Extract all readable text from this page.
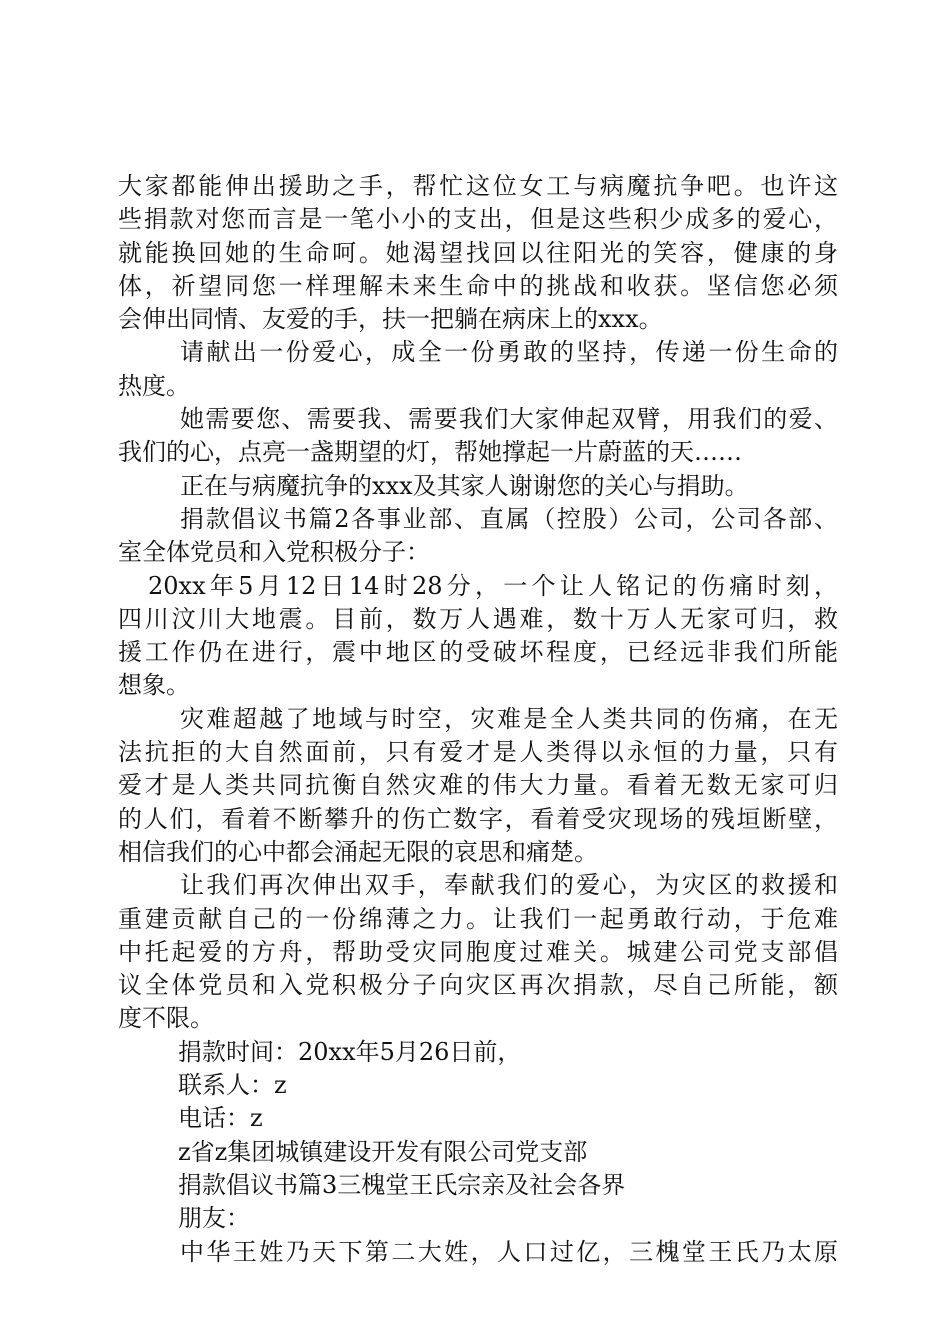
大家都能伸出援助之手，帮忙这位女工与病魔抗争吧。也许这
些捐款对您而言是一笔小小的支出，但是这些积少成多的爱心，
就能换回她的生命呵。她渴望找回以往阳光的笑容，健康的身
体，祈望同您一样理解未来生命中的挑战和收获。坚信您必须
会伸出同情、友爱的手，扶一把躺在病床上的xxx。
请献出一份爱心，成全一份勇敢的坚持，传递一份生命的
热度。
她需要您、需要我、需要我们大家伸起双臂，用我们的爱、
我们的心，点亮一盏期望的灯，帮她撑起一片蔚蓝的天……
正在与病魔抗争的xxx及其家人谢谢您的关心与捐助。
捐款倡议书篇2各事业部、直属（控股）公司，公司各部、
室全体党员和入党积极分子：
20xx年5月12日14时28分，一个让人铭记的伤痛时刻，
四川汶川大地震。目前，数万人遇难，数十万人无家可归，救
援工作仍在进行，震中地区的受破坏程度，已经远非我们所能
想象。
灾难超越了地域与时空，灾难是全人类共同的伤痛，在无
法抗拒的大自然面前，只有爱才是人类得以永恒的力量，只有
爱才是人类共同抗衡自然灾难的伟大力量。看着无数无家可归
的人们，看着不断攀升的伤亡数字，看着受灾现场的残垣断壁，
相信我们的心中都会涌起无限的哀思和痛楚。
让我们再次伸出双手，奉献我们的爱心，为灾区的救援和
重建贡献自己的一份绵薄之力。让我们一起勇敢行动，于危难
中托起爱的方舟，帮助受灾同胞度过难关。城建公司党支部倡
议全体党员和入党积极分子向灾区再次捐款，尽自己所能，额
度不限。
捐款时间：20xx年5月26日前，
联系人：z
电话：z
z省z集团城镇建设开发有限公司党支部
捐款倡议书篇3三槐堂王氏宗亲及社会各界
朋友：
中华王姓乃天下第二大姓，人口过亿，三槐堂王氏乃太原
